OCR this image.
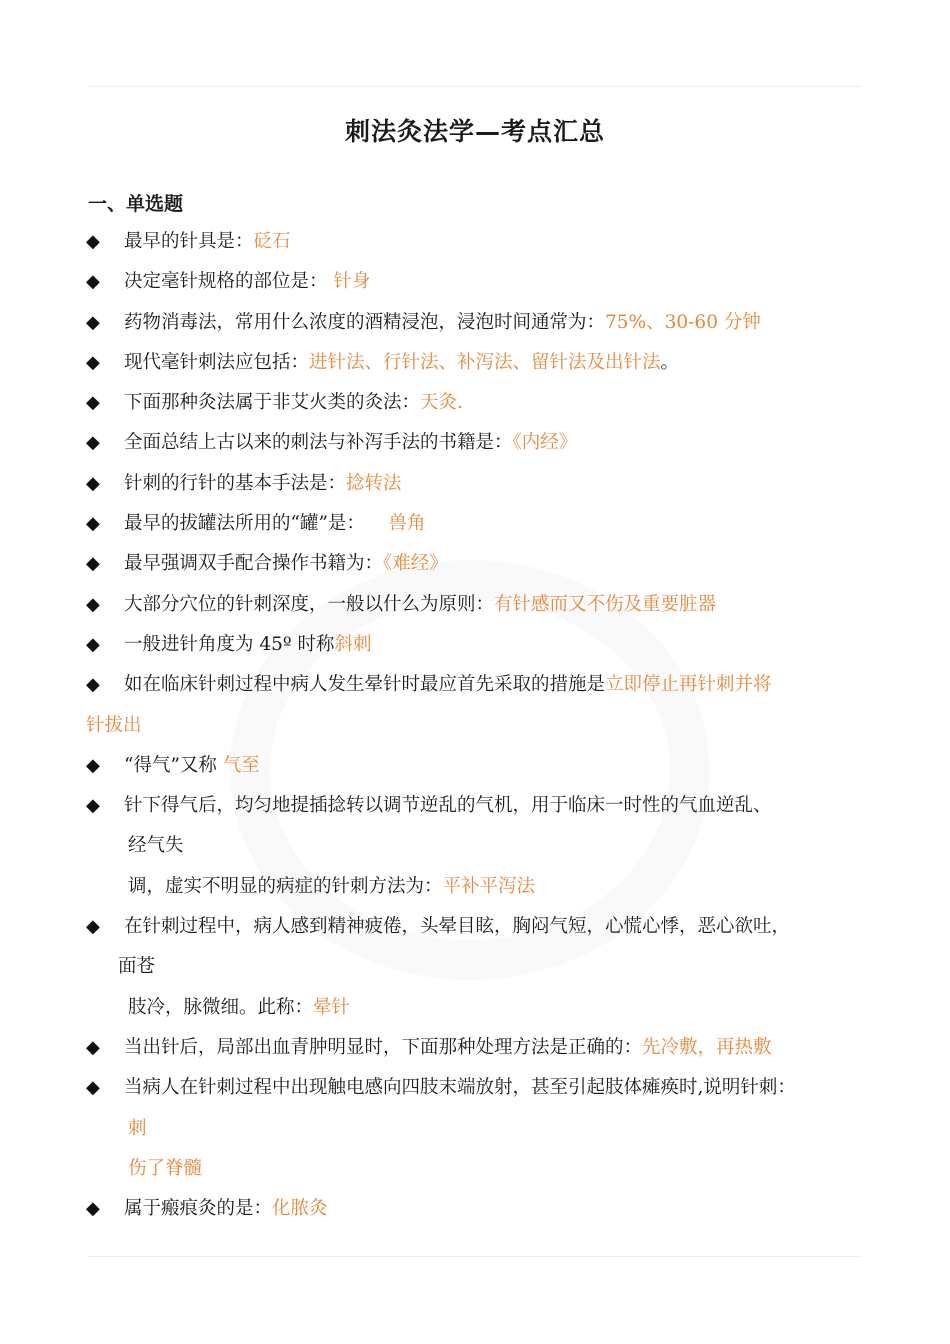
刺法灸法学—考点汇总
一、单选题
◆ 最早的针具是：砭石
◆ 决定毫针规格的部位是： 针身
◆ 药物消毒法，常用什么浓度的酒精浸泡，浸泡时间通常为：75%、30-60 分钟
◆ 现代毫针刺法应包括：进针法、行针法、补泻法、留针法及出针法。
◆ 下面那种灸法属于非艾火类的灸法：天灸.
◆ 全面总结上古以来的刺法与补泻手法的书籍是：《内经》
◆ 针刺的行针的基本手法是：捻转法
◆ 最早的拔罐法所用的“罐”是：    兽角
◆ 最早强调双手配合操作书籍为：《难经》
◆ 大部分穴位的针刺深度，一般以什么为原则：有针感而又不伤及重要脏器
◆ 一般进针角度为 45º 时称斜刺
◆ 如在临床针刺过程中病人发生晕针时最应首先采取的措施是立即停止再针刺并将
针拔出
◆ “得气”又称 气至
◆ 针下得气后，均匀地提插捻转以调节逆乱的气机，用于临床一时性的气血逆乱、
经气失
调，虚实不明显的病症的针刺方法为：平补平泻法
◆ 在针刺过程中，病人感到精神疲倦，头晕目眩，胸闷气短，心慌心悸，恶心欲吐，
面苍
肢冷，脉微细。此称：晕针
◆ 当出针后，局部出血青肿明显时，下面那种处理方法是正确的：先冷敷，再热敷
◆ 当病人在针刺过程中出现触电感向四肢末端放射，甚至引起肢体瘫痪时,说明针刺：
刺
伤了脊髓
◆ 属于瘢痕灸的是：化脓灸
